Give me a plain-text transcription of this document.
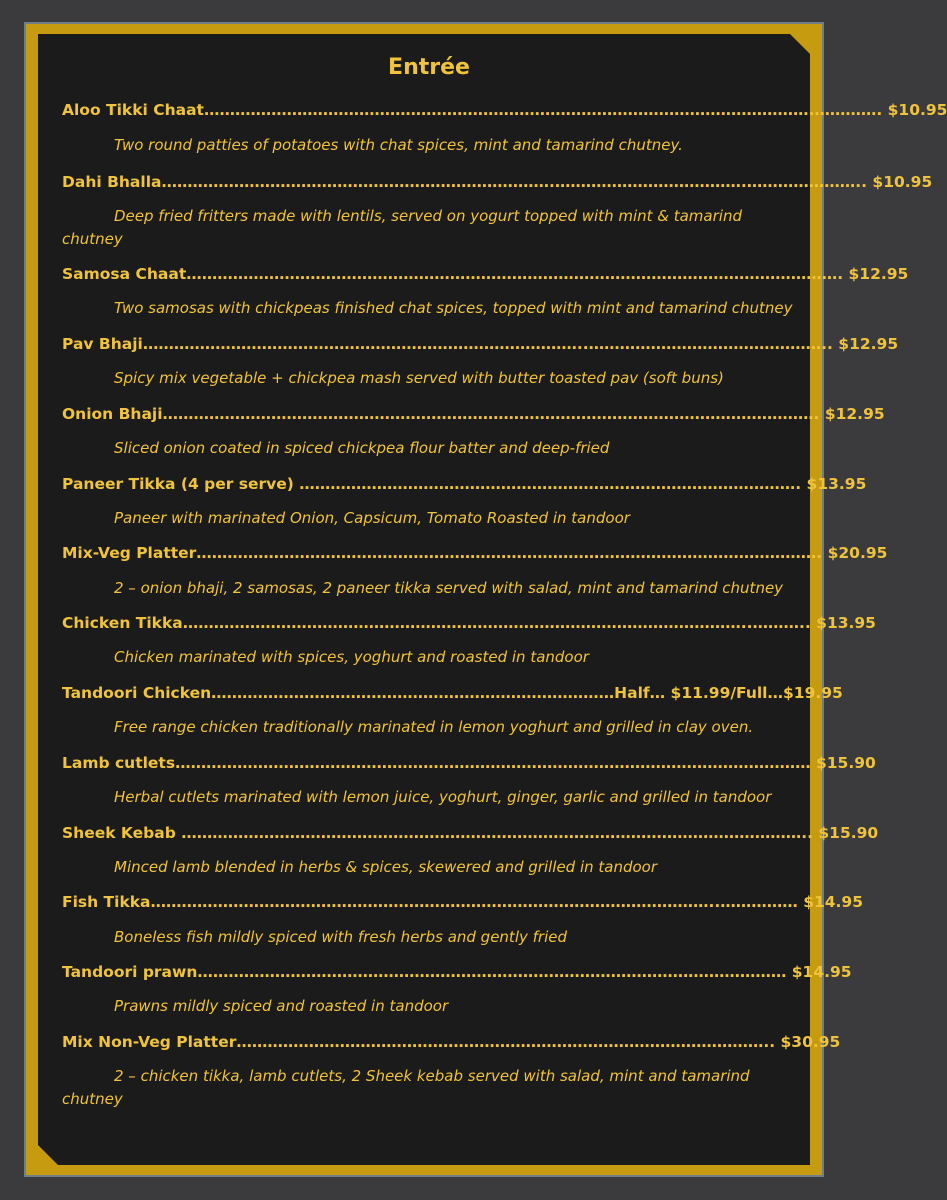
Entrée
Aloo Tikki Chaat……………………………………………………………………………………………………….…………. $10.95
Two round patties of potatoes with chat spices, mint and tamarind chutney.
Dahi Bhalla………………………………………………………………….……………………………….………………….. $10.95
Deep fried fritters made with lentils, served on yogurt topped with mint & tamarind chutney
Samosa Chaat………………………………………………………………………………………………………………. $12.95
Two samosas with chickpeas finished chat spices, topped with mint and tamarind chutney
Pav Bhaji…………………………………………………………………………..……………………………………….. $12.95
Spicy mix vegetable + chickpea mash served with butter toasted pav (soft buns)
Onion Bhaji………………………………………………………………………………………………………………. $12.95
Sliced onion coated in spiced chickpea flour batter and deep-fried
Paneer Tikka (4 per serve) ……………………………………………………………………………………. $13.95
Paneer with marinated Onion, Capsicum, Tomato Roasted in tandoor
Mix-Veg Platter…………………………………………………………………………………………………………. $20.95
2 – onion bhaji, 2 samosas, 2 paneer tikka served with salad, mint and tamarind chutney
Chicken Tikka………………………………………………………………………………………………..……….. $13.95
Chicken marinated with spices, yoghurt and roasted in tandoor
Tandoori Chicken……………………………………………………………………Half… $11.99/Full…$19.95
Free range chicken traditionally marinated in lemon yoghurt and grilled in clay oven.
Lamb cutlets…………………………………………………………………………………………………………… $15.90
Herbal cutlets marinated with lemon juice, yoghurt, ginger, garlic and grilled in tandoor
Sheek Kebab ………………………………………………………………………………………………………….. $15.90
Minced lamb blended in herbs & spices, skewered and grilled in tandoor
Fish Tikka………………………………………………………………………………………………..…………… $14.95
Boneless fish mildly spiced with fresh herbs and gently fried
Tandoori prawn…………………………………………………………………………………………………… $14.95
Prawns mildly spiced and roasted in tandoor
Mix Non-Veg Platter………………………………………………………………………………………….. $30.95
2 – chicken tikka, lamb cutlets, 2 Sheek kebab served with salad, mint and tamarind chutney
